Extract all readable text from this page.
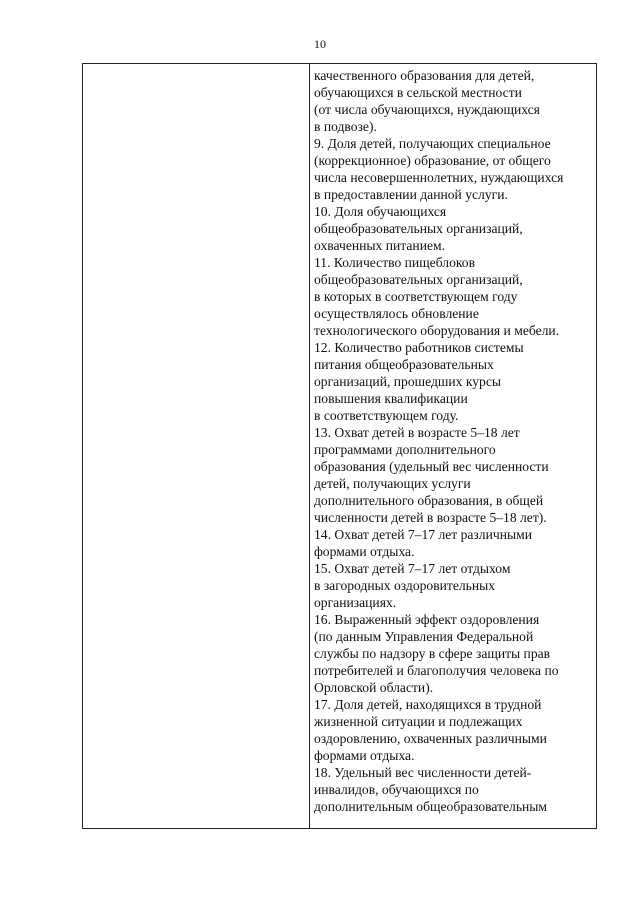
10
качественного образования для детей,
обучающихся в сельской местности
(от числа обучающихся, нуждающихся
в подвозе).
9. Доля детей, получающих специальное
(коррекционное) образование, от общего
числа несовершеннолетних, нуждающихся
в предоставлении данной услуги.
10. Доля обучающихся
общеобразовательных организаций,
охваченных питанием.
11. Количество пищеблоков
общеобразовательных организаций,
в которых в соответствующем году
осуществлялось обновление
технологического оборудования и мебели.
12. Количество работников системы
питания общеобразовательных
организаций, прошедших курсы
повышения квалификации
в соответствующем году.
13. Охват детей в возрасте 5–18 лет
программами дополнительного
образования (удельный вес численности
детей, получающих услуги
дополнительного образования, в общей
численности детей в возрасте 5–18 лет).
14. Охват детей 7–17 лет различными
формами отдыха.
15. Охват детей 7–17 лет отдыхом
в загородных оздоровительных
организациях.
16. Выраженный эффект оздоровления
(по данным Управления Федеральной
службы по надзору в сфере защиты прав
потребителей и благополучия человека по
Орловской области).
17. Доля детей, находящихся в трудной
жизненной ситуации и подлежащих
оздоровлению, охваченных различными
формами отдыха.
18. Удельный вес численности детей-
инвалидов, обучающихся по
дополнительным общеобразовательным
